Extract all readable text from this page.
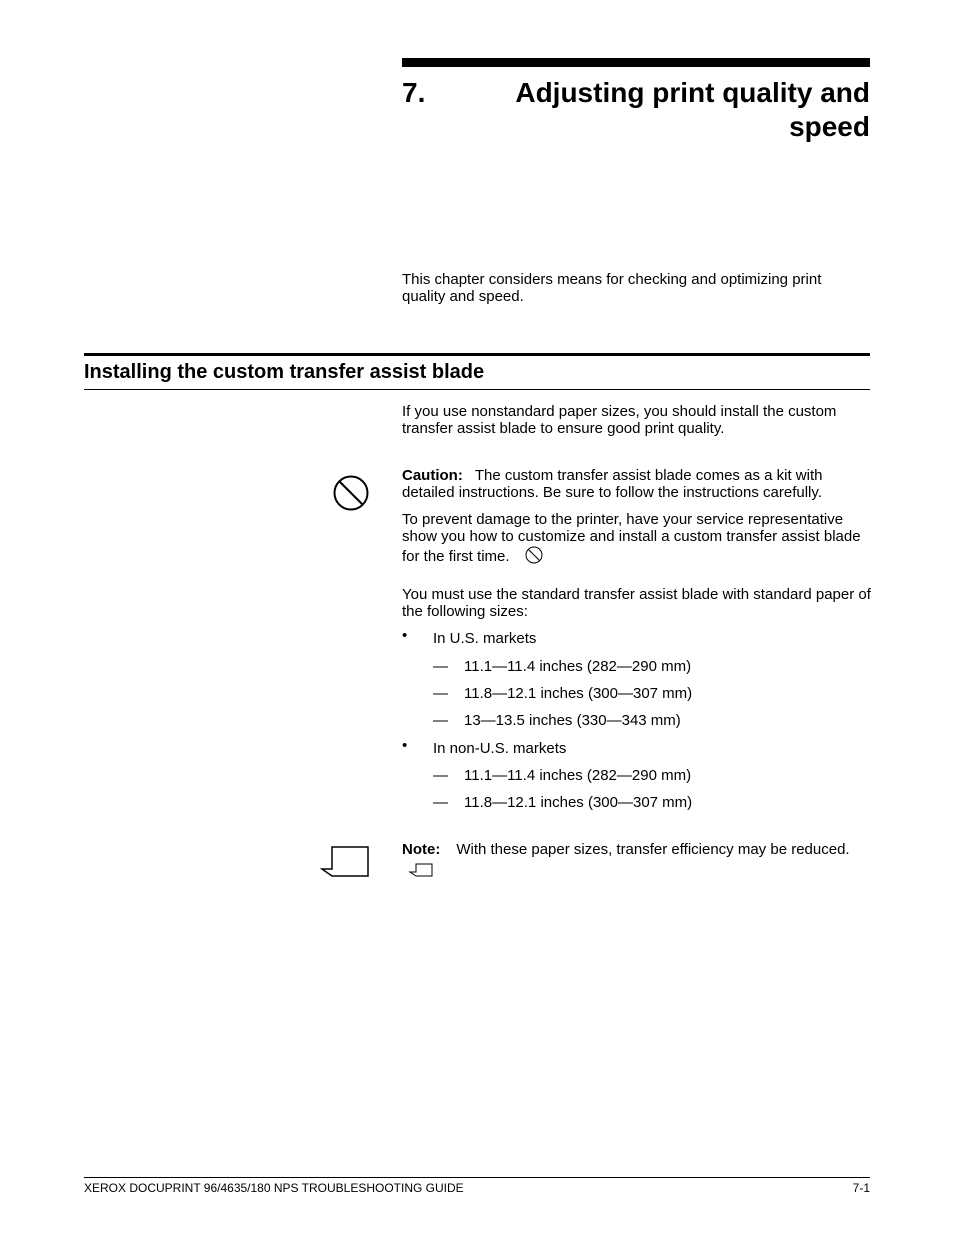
7.	Adjusting print quality and speed
This chapter considers means for checking and optimizing print quality and speed.
Installing the custom transfer assist blade
If you use nonstandard paper sizes, you should install the custom transfer assist blade to ensure good print quality.
Caution: The custom transfer assist blade comes as a kit with detailed instructions. Be sure to follow the instructions carefully.
To prevent damage to the printer, have your service representative show you how to customize and install a custom transfer assist blade for the first time.
You must use the standard transfer assist blade with standard paper of the following sizes:
• In U.S. markets
— 11.1—11.4 inches (282—290 mm)
— 11.8—12.1 inches (300—307 mm)
— 13—13.5 inches (330—343 mm)
• In non-U.S. markets
— 11.1—11.4 inches (282—290 mm)
— 11.8—12.1 inches (300—307 mm)
Note: With these paper sizes, transfer efficiency may be reduced.
XEROX DOCUPRINT 96/4635/180 NPS TROUBLESHOOTING GUIDE	7-1
